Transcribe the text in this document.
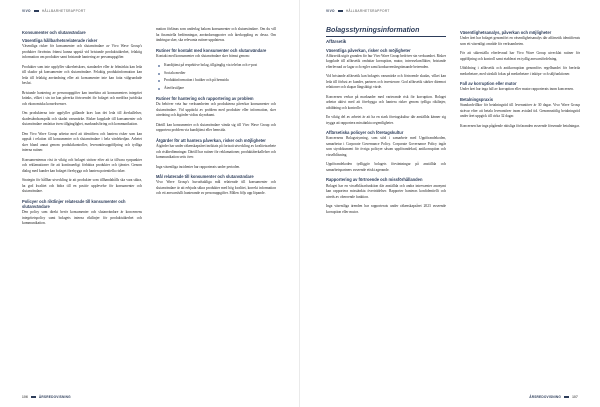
VIVO	HÅLLBARHETSRAPPORT
Konsumenter och slutanvändare
Väsentliga hållbarhetsrelaterade risker

Väsentliga risker för konsumenter och slutanvändare av Vivo Wave Group's produkter förväntas främst kunna uppstå vid bristande produktsäkerhet, felaktig information om produkter samt bristande hantering av personuppgifter.

Produkter som inte uppfyller säkerhetskrav, standarder eller är felmärkta kan leda till skador på konsumenter och slutanvändare. Felaktig produktinformation kan leda till felaktig användning eller att konsumenter inte kan fatta välgrundade beslut.

Bristande hantering av personuppgifter kan innebära att konsumenters integritet kränks, vilket i sin tur kan påverka förtroendet för bolaget och medföra juridiska och ekonomiska konsekvenser.

Om produkterna inte uppfyller gällande krav kan det leda till återkallelser, skadeståndsanspråk och skadat varumärke. Risker kopplade till konsumenter och slutanvändare omfattar även tillgänglighet, marknadsföring och kommunikation.

Den Vivo Wave Group arbetar med att identifiera och hantera risker som kan uppstå i relation till konsumenter och slutanvändare i hela värdekedjan. Arbetet sker bland annat genom produktkontroller, leverantörsuppföljning och tydliga interna rutiner.

Konsumenternas röst är viktig och bolaget strävar efter att ta tillvara synpunkter och reklamationer för att kontinuerligt förbättra produkter och tjänster. Genom dialog med kunder kan bolaget förebygga och hantera potentiella risker.

Strategin för hållbar utveckling är att produkter som tillhandahålls ska vara säkra, ha god kvalitet och bidra till en positiv upplevelse för konsumenter och slutanvändare.

Policyer och riktlinjer relaterade till konsumenter och slutanvändare

Den policy som direkt berör konsumenter och slutanvändare är koncernens integritetspolicy samt bolagets interna riktlinjer för produktsäkerhet och kommunikation.

mation förlänas som underlag bakom konsumenter och slutanvändare. Om du vill ha finansiella bedömningar, användarrapporter och återkoppling av dessa. Om ändringar sker, ska relevanta rutiner uppdateras.

Rutiner för kontakt med konsumenter och slutanvändare

Kontakt med konsumenter och slutanvändare sker främst genom:

Kundtjänst på respektive bolag, tillgänglig via telefon och e-post
Sociala medier
Produktinformation i butiker och på hemsida
Återförsäljare
Rutiner för hantering och rapportering av problem

Du behöver veta hur verksamheten och produkterna påverkar konsumenter och slutanvändare. Vid upptäckt av problem med produkter eller information, sker utredning och åtgärder vidtas skyndsamt.

Därtill kan konsumenter och slutanvändare vända sig till Vivo Wave Group och rapportera problem via kundtjänst eller hemsida.

Åtgärder för att hantera påverkan, risker och möjligheter

Åtgärder har under räkenskapsåret inriktats på fortsatt utveckling av kvalitetsarbete och riskbedömningar. Därtill har rutiner för reklamationer, produktåterkallelser och kommunikation setts över.

Inga väsentliga incidenter har rapporterats under perioden.

Mål relaterade till konsumenter och slutanvändare

Vivo Wave Group's huvudsakliga mål relaterade till konsumenter och slutanvändare är att erbjuda säkra produkter med hög kvalitet, korrekt information och ett ansvarsfullt hanterande av personuppgifter. Målen följs upp löpande.

106	ÅRSREDOVISNING
VIVO	HÅLLBARHETSRAPPORT
Bolagsstyrningsinformation
Affärsetik
Väsentliga påverkan, risker och möjligheter

Affärsetik utgör grunden för hur Vivo Wave Group bedriver sin verksamhet. Risker kopplade till affärsetik omfattar korruption, mutor, intressekonflikter, bristande efterlevnad av lagar och regler samt konkurrensbegränsande beteenden.

Vid bristande affärsetik kan bolagets varumärke och förtroende skadas, vilket kan leda till förlust av kunder, partners och investerare. God affärsetik stärker däremot relationer och skapar långsiktigt värde.

Koncernen verkar på marknader med varierande risk för korruption. Bolaget arbetar aktivt med att förebygga och hantera risker genom tydliga riktlinjer, utbildning och kontroller.

En viktig del av arbetet är att ha en stark företagskultur där anställda känner sig trygga att rapportera misstänkta oegentligheter.

Affärsetiska policyer och företagskultur

Koncernens Bolagsstyrning, som stöd i samarbete med Uppförandekoden, samarbetar i Corporate Governance Policy. Corporate Governance Policy ingår som styrdokument för övriga policyer såsom uppförandekod, antikorruption och visselblåsning.

Uppförandekoden tydliggör bolagets förväntningar på anställda och samarbetspartners avseende etiskt agerande.

Rapportering av förtroende och missförhållanden

Bolaget har en visselblåsarfunktion där anställda och andra intressenter anonymt kan rapportera misstänkta överträdelser. Rapporter hanteras konfidentiellt och utreds av oberoende funktion.

Inga väsentliga ärenden har rapporterats under räkenskapsåret 2023 avseende korruption eller mutor.

Väsentlighetsanalys, påverkan och möjligheter

Under året har bolaget genomfört en väsentlighetsanalys där affärsetik identifierats som ett väsentligt område för verksamheten.

För att säkerställa efterlevnad har Vivo Wave Group utvecklat rutiner för uppföljning och kontroll samt etablerat en tydlig ansvarsfördelning.

Utbildning i affärsetik och antikorruption genomförs regelbundet för berörda medarbetare, med särskilt fokus på medarbetare i inköps- och säljfunktioner.

Fall av korruption eller mutor

Under året har inga fall av korruption eller mutor rapporterats inom koncernen.

Betalningspraxis

Standardvillkor för betalningstid till leverantörer är 30 dagar. Vivo Wave Group strävar efter att betala leverantörer inom avtalad tid. Genomsnittlig betalningstid under året uppgick till cirka 32 dagar.

Koncernen har inga pågående rättsliga förfaranden avseende försenade betalningar.

ÅRSREDOVISNING	107
